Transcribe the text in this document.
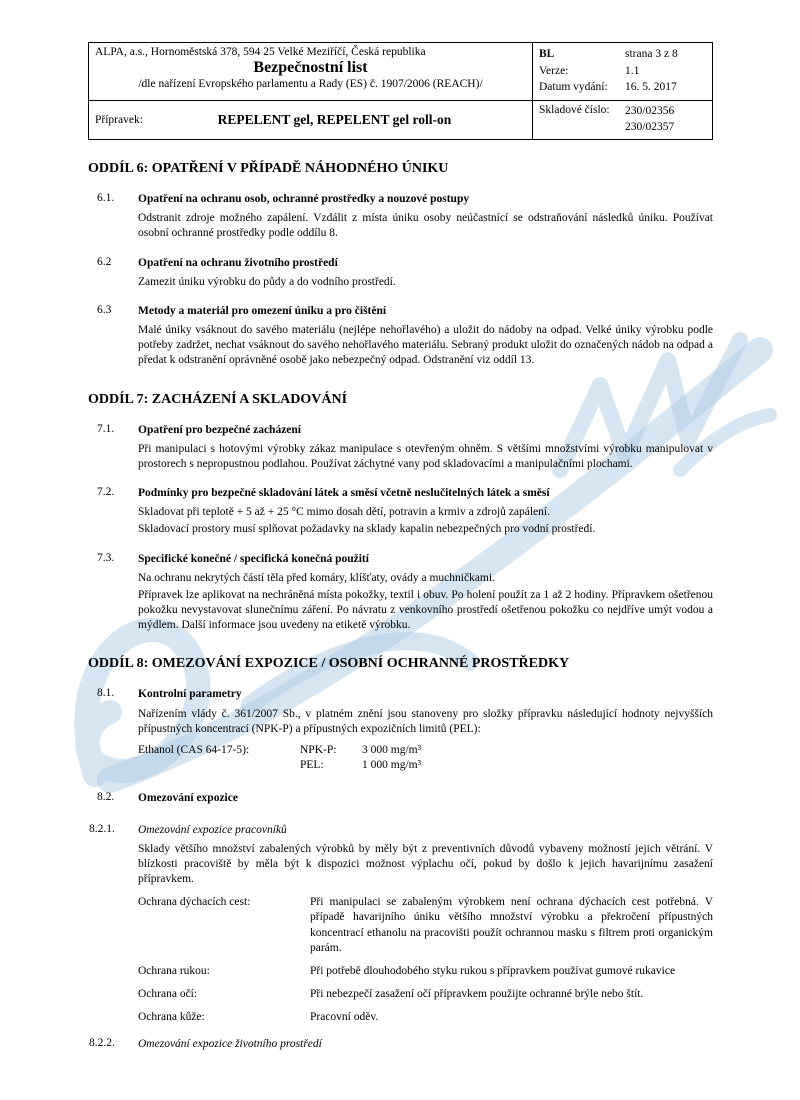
ALPA, a.s., Hornoměstská 378, 594 25 Velké Meziříčí, Česká republika
Bezpečnostní list
/dle nařízení Evropského parlamentu a Rady (ES) č. 1907/2006 (REACH)/
BL	strana 3 z 8
Verze:	1.1
Datum vydání:	16. 5. 2017
Přípravek:	REPELENT gel, REPELENT gel roll-on
Skladové číslo:	230/02356
230/02357
ODDÍL 6: OPATŘENÍ V PŘÍPADĚ NÁHODNÉHO ÚNIKU
6.1.	Opatření na ochranu osob, ochranné prostředky a nouzové postupy

Odstranit zdroje možného zapálení. Vzdálit z místa úniku osoby neúčastnící se odstraňování následků úniku. Používat osobní ochranné prostředky podle oddílu 8.

6.2	Opatření na ochranu životního prostředí

Zamezit úniku výrobku do půdy a do vodního prostředí.

6.3	Metody a materiál pro omezení úniku a pro čištění

Malé úniky vsáknout do savého materiálu (nejlépe nehořlavého) a uložit do nádoby na odpad. Velké úniky výrobku podle potřeby zadržet, nechat vsáknout do savého nehořlavého materiálu. Sebraný produkt uložit do označených nádob na odpad a předat k odstranění oprávněné osobě jako nebezpečný odpad. Odstranění viz oddíl 13.

ODDÍL 7: ZACHÁZENÍ A SKLADOVÁNÍ
7.1.	Opatření pro bezpečné zacházení

Při manipulaci s hotovými výrobky zákaz manipulace s otevřeným ohněm. S většími množstvími výrobku manipulovat v prostorech s nepropustnou podlahou. Používat záchytné vany pod skladovacími a manipulačními plochami.

7.2.	Podmínky pro bezpečné skladování látek a směsí včetně neslučitelných látek a směsí

Skladovat při teplotě + 5 až + 25 °C mimo dosah dětí, potravin a krmiv a zdrojů zapálení.

Skladovací prostory musí splňovat požadavky na sklady kapalin nebezpečných pro vodní prostředí.

7.3.	Specifické konečné / specifická konečná použití

Na ochranu nekrytých částí těla před komáry, klíšťaty, ovády a muchničkami.

Přípravek lze aplikovat na nechráněná místa pokožky, textil i obuv. Po holení použít za 1 až 2 hodiny. Přípravkem ošetřenou pokožku nevystavovat slunečnímu záření. Po návratu z venkovního prostředí ošetřenou pokožku co nejdříve umýt vodou a mýdlem. Další informace jsou uvedeny na etiketě výrobku.

ODDÍL 8: OMEZOVÁNÍ EXPOZICE / OSOBNÍ OCHRANNÉ PROSTŘEDKY
8.1.	Kontrolní parametry

Nařízením vlády č. 361/2007 Sb., v platném znění jsou stanoveny pro složky přípravku následující hodnoty nejvyšších přípustných koncentrací (NPK-P) a přípustných expozičních limitů (PEL):

Ethanol (CAS 64-17-5):	NPK-P:	3 000 mg/m³
PEL:	1 000 mg/m³
8.2.	Omezování expozice
8.2.1.	Omezování expozice pracovníků

Sklady většího množství zabalených výrobků by měly být z preventivních důvodů vybaveny možností jejich větrání. V blízkosti pracoviště by měla být k dispozici možnost výplachu očí, pokud by došlo k jejich havarijnímu zasažení přípravkem.

Ochrana dýchacích cest:	Při manipulaci se zabaleným výrobkem není ochrana dýchacích cest potřebná. V případě havarijního úniku většího množství výrobku a překročení přípustných koncentrací ethanolu na pracovišti použít ochrannou masku s filtrem proti organickým parám.
Ochrana rukou:	Při potřebě dlouhodobého styku rukou s přípravkem používat gumové rukavice
Ochrana očí:	Při nebezpečí zasažení očí přípravkem použijte ochranné brýle nebo štít.
Ochrana kůže:	Pracovní oděv.
8.2.2.	Omezování expozice životního prostředí
